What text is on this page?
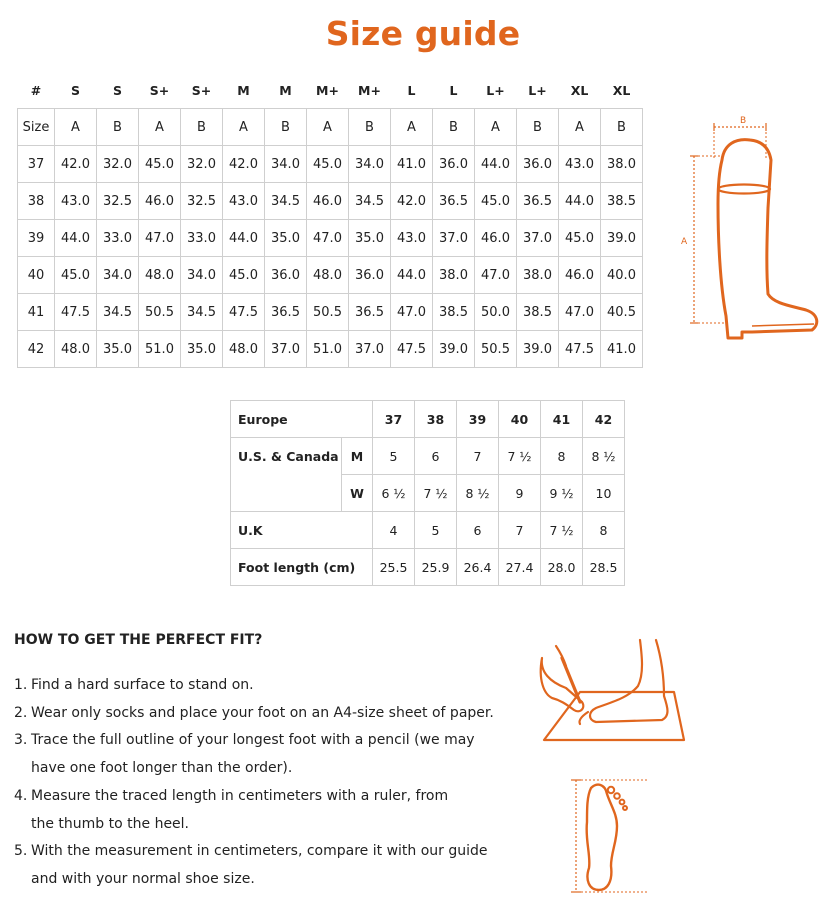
Size guide
#	S	S	S+	S+	M	M	M+	M+	L	L	L+	L+	XL	XL
Size	A	B	A	B	A	B	A	B	A	B	A	B	A	B
37	42.0	32.0	45.0	32.0	42.0	34.0	45.0	34.0	41.0	36.0	44.0	36.0	43.0	38.0
38	43.0	32.5	46.0	32.5	43.0	34.5	46.0	34.5	42.0	36.5	45.0	36.5	44.0	38.5
39	44.0	33.0	47.0	33.0	44.0	35.0	47.0	35.0	43.0	37.0	46.0	37.0	45.0	39.0
40	45.0	34.0	48.0	34.0	45.0	36.0	48.0	36.0	44.0	38.0	47.0	38.0	46.0	40.0
41	47.5	34.5	50.5	34.5	47.5	36.5	50.5	36.5	47.0	38.5	50.0	38.5	47.0	40.5
42	48.0	35.0	51.0	35.0	48.0	37.0	51.0	37.0	47.5	39.0	50.5	39.0	47.5	41.0
B
A
Europe		37	38	39	40	41	42
U.S. & Canada	M	5	6	7	7 ½	8	8 ½
	W	6 ½	7 ½	8 ½	9	9 ½	10
U.K		4	5	6	7	7 ½	8
Foot length (cm)		25.5	25.9	26.4	27.4	28.0	28.5
HOW TO GET THE PERFECT FIT?
1. Find a hard surface to stand on.
2. Wear only socks and place your foot on an A4-size sheet of paper.
3. Trace the full outline of your longest foot with a pencil (we may have one foot longer than the order).
4. Measure the traced length in centimeters with a ruler, from the thumb to the heel.
5. With the measurement in centimeters, compare it with our guide and with your normal shoe size.
